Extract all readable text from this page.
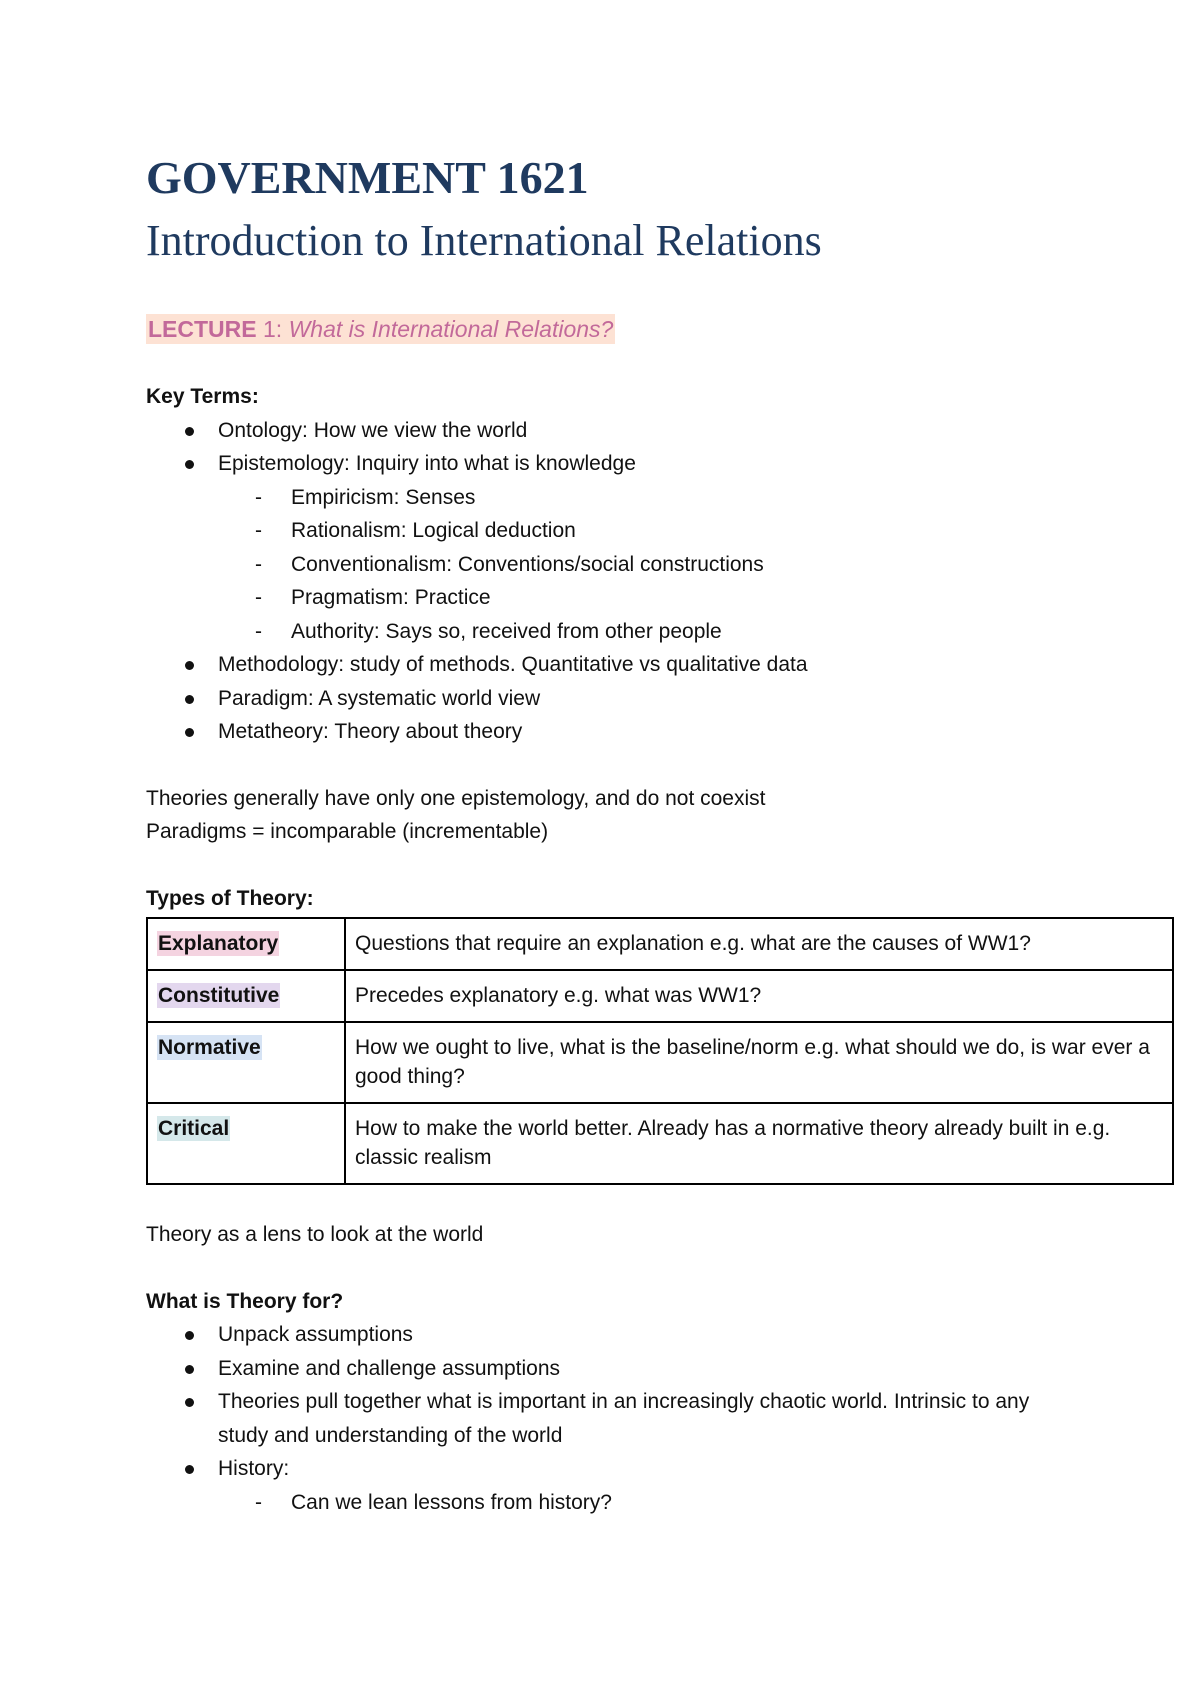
GOVERNMENT 1621
Introduction to International Relations
LECTURE 1: What is International Relations?
Key Terms:
Ontology: How we view the world
Epistemology: Inquiry into what is knowledge
- Empiricism: Senses
- Rationalism: Logical deduction
- Conventionalism: Conventions/social constructions
- Pragmatism: Practice
- Authority: Says so, received from other people
Methodology: study of methods. Quantitative vs qualitative data
Paradigm: A systematic world view
Metatheory: Theory about theory
Theories generally have only one epistemology, and do not coexist
Paradigms = incomparable (incrementable)
Types of Theory:
Explanatory	Questions that require an explanation e.g. what are the causes of WW1?
Constitutive	Precedes explanatory e.g. what was WW1?
Normative	How we ought to live, what is the baseline/norm e.g. what should we do, is war ever a good thing?
Critical	How to make the world better. Already has a normative theory already built in e.g. classic realism
Theory as a lens to look at the world
What is Theory for?
Unpack assumptions
Examine and challenge assumptions
Theories pull together what is important in an increasingly chaotic world. Intrinsic to any study and understanding of the world
History:
- Can we lean lessons from history?
